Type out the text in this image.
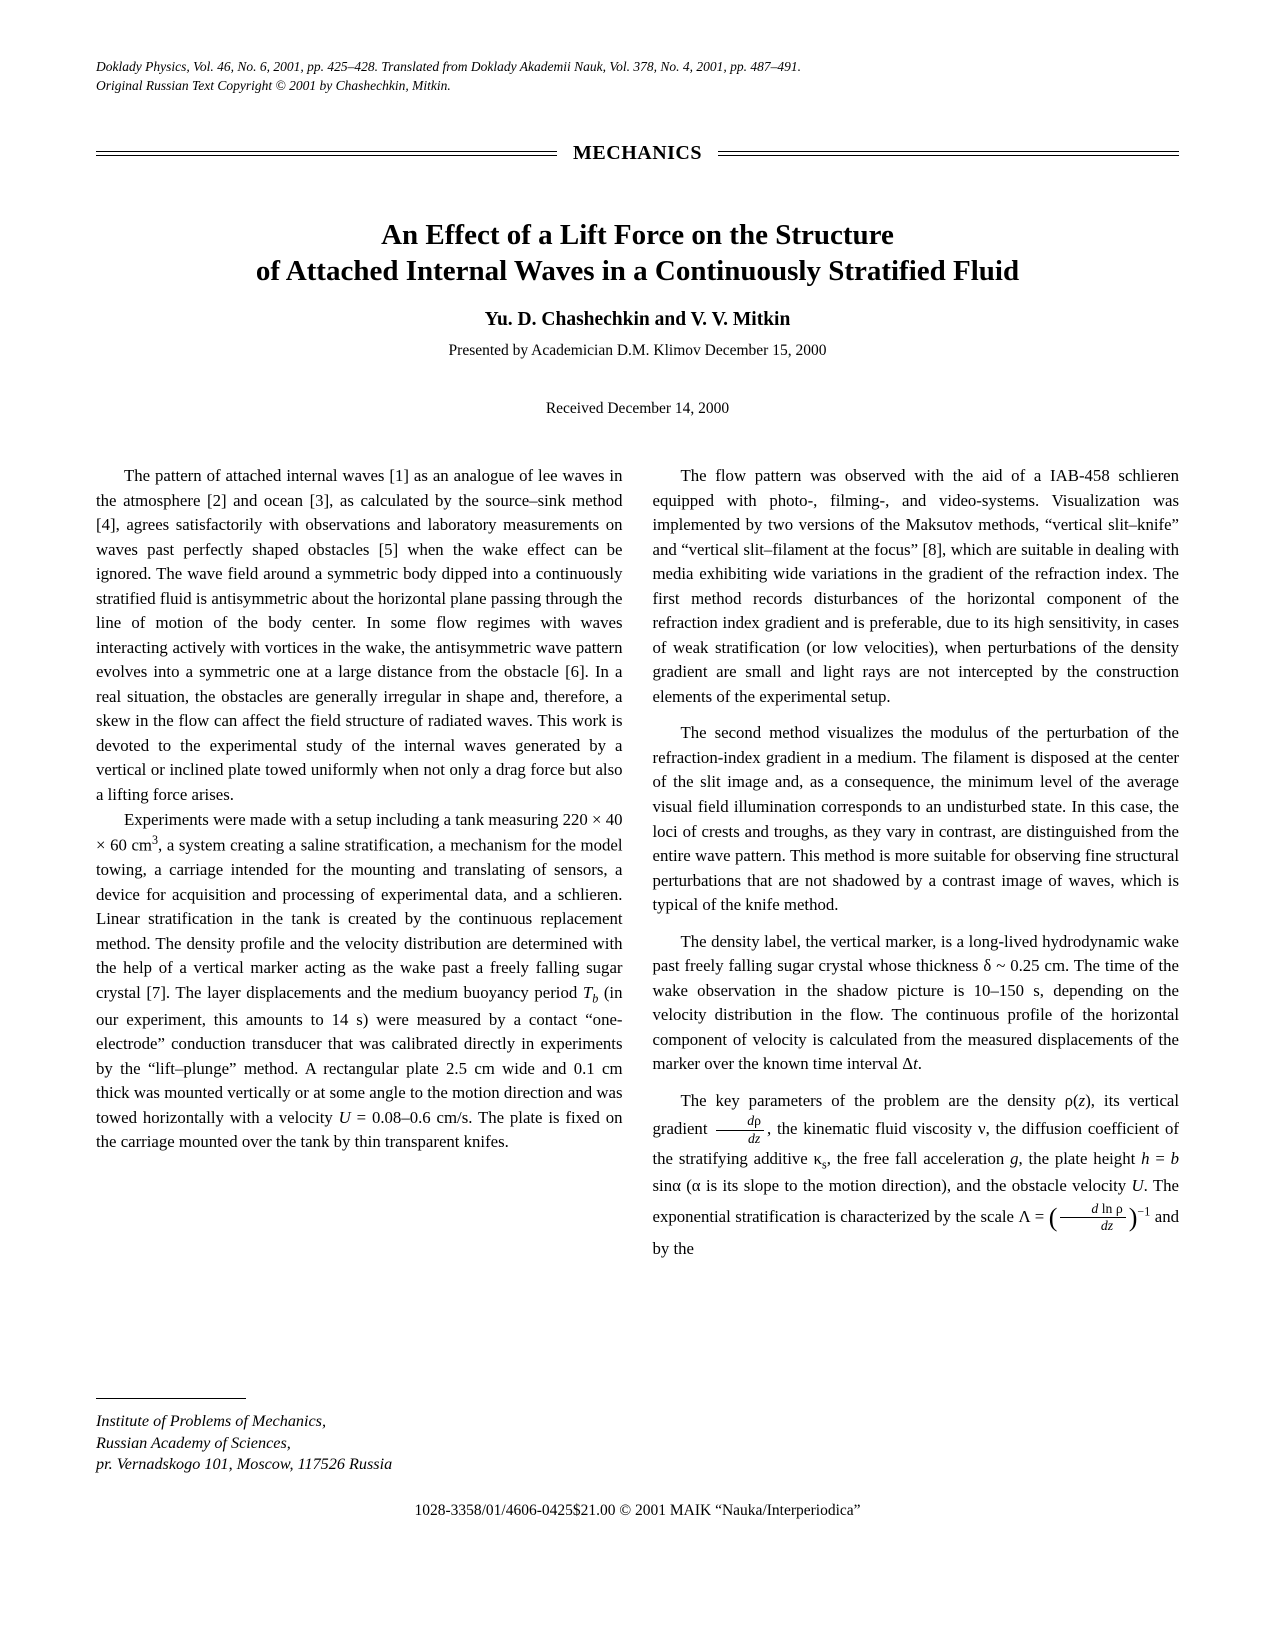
Doklady Physics, Vol. 46, No. 6, 2001, pp. 425–428. Translated from Doklady Akademii Nauk, Vol. 378, No. 4, 2001, pp. 487–491.
Original Russian Text Copyright © 2001 by Chashechkin, Mitkin.
MECHANICS
An Effect of a Lift Force on the Structure
of Attached Internal Waves in a Continuously Stratified Fluid
Yu. D. Chashechkin and V. V. Mitkin
Presented by Academician D.M. Klimov December 15, 2000
Received December 14, 2000

The pattern of attached internal waves [1] as an analogue of lee waves in the atmosphere [2] and ocean [3], as calculated by the source–sink method [4], agrees satisfactorily with observations and laboratory measurements on waves past perfectly shaped obstacles [5] when the wake effect can be ignored. The wave field around a symmetric body dipped into a continuously stratified fluid is antisymmetric about the horizontal plane passing through the line of motion of the body center. In some flow regimes with waves interacting actively with vortices in the wake, the antisymmetric wave pattern evolves into a symmetric one at a large distance from the obstacle [6]. In a real situation, the obstacles are generally irregular in shape and, therefore, a skew in the flow can affect the field structure of radiated waves. This work is devoted to the experimental study of the internal waves generated by a vertical or inclined plate towed uniformly when not only a drag force but also a lifting force arises.

Experiments were made with a setup including a tank measuring 220 × 40 × 60 $cm^3$, a system creating a saline stratification, a mechanism for the model towing, a carriage intended for the mounting and translating of sensors, a device for acquisition and processing of experimental data, and a schlieren. Linear stratification in the tank is created by the continuous replacement method. The density profile and the velocity distribution are determined with the help of a vertical marker acting as the wake past a freely falling sugar crystal [7]. The layer displacements and the medium buoyancy period $T_b$ (in our experiment, this amounts to 14 s) were measured by a contact “one-electrode” conduction transducer that was calibrated directly in experiments by the “lift–plunge” method. A rectangular plate 2.5 cm wide and 0.1 cm thick was mounted vertically or at some angle to the motion direction and was towed horizontally with a velocity U = 0.08–0.6 cm/s. The plate is fixed on the carriage mounted over the tank by thin transparent knifes.

Institute of Problems of Mechanics,
Russian Academy of Sciences,
pr. Vernadskogo 101, Moscow, 117526 Russia

The flow pattern was observed with the aid of a IAB-458 schlieren equipped with photo-, filming-, and video-systems. Visualization was implemented by two versions of the Maksutov methods, “vertical slit–knife” and “vertical slit–filament at the focus” [8], which are suitable in dealing with media exhibiting wide variations in the gradient of the refraction index. The first method records disturbances of the horizontal component of the refraction index gradient and is preferable, due to its high sensitivity, in cases of weak stratification (or low velocities), when perturbations of the density gradient are small and light rays are not intercepted by the construction elements of the experimental setup.

The second method visualizes the modulus of the perturbation of the refraction-index gradient in a medium. The filament is disposed at the center of the slit image and, as a consequence, the minimum level of the average visual field illumination corresponds to an undisturbed state. In this case, the loci of crests and troughs, as they vary in contrast, are distinguished from the entire wave pattern. This method is more suitable for observing fine structural perturbations that are not shadowed by a contrast image of waves, which is typical of the knife method.

The density label, the vertical marker, is a long-lived hydrodynamic wake past freely falling sugar crystal whose thickness δ ~ 0.25 cm. The time of the wake observation in the shadow picture is 10–150 s, depending on the velocity distribution in the flow. The continuous profile of the horizontal component of velocity is calculated from the measured displacements of the marker over the known time interval Δt.

The key parameters of the problem are the density ρ(z), its vertical gradient $\frac{d\rho}{dz}$ , the kinematic fluid viscosity ν, the diffusion coefficient of the stratifying additive $\kappa_s$, the free fall acceleration g, the plate height h = b sinα (α is its slope to the motion direction), and the obstacle velocity U. The exponential stratification is characterized by the scale Λ = ( $\frac{\text{d ln ρ}}{dz} )^{-1}$ and by the

1028-3358/01/4606-0425$21.00 © 2001 MAIK “Nauka/Interperiodica”
